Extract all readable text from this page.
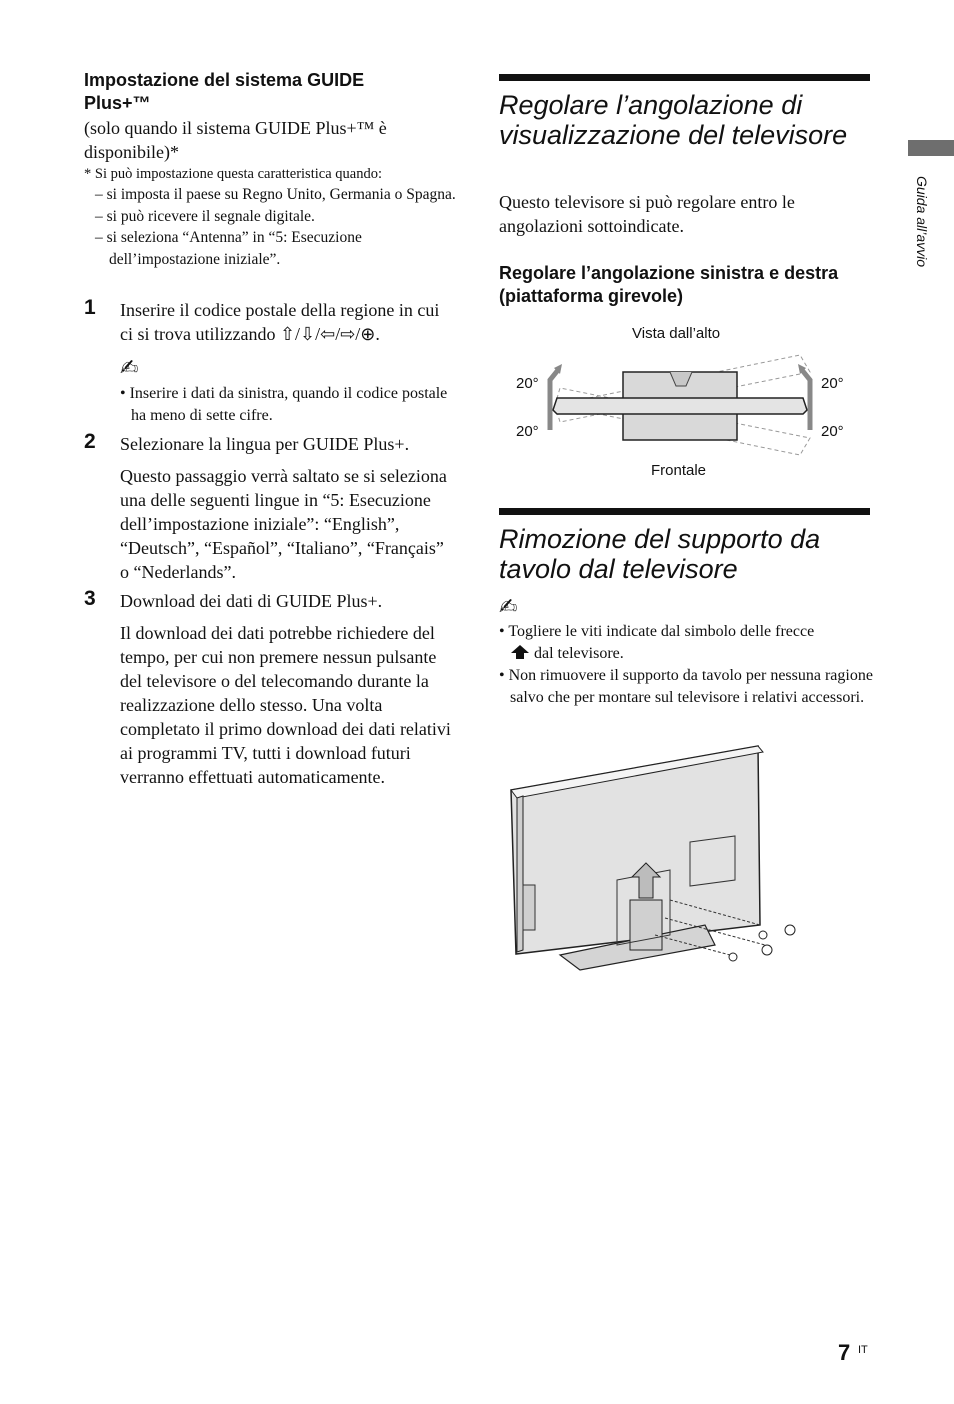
Impostazione del sistema GUIDE Plus+™
(solo quando il sistema GUIDE Plus+™ è disponibile)*
* Si può impostazione questa caratteristica quando:
– si imposta il paese su Regno Unito, Germania o Spagna.
– si può ricevere il segnale digitale.
– si seleziona “Antenna” in “5: Esecuzione dell’impostazione iniziale”.
1 Inserire il codice postale della regione in cui ci si trova utilizzando ⇧/⇩/⇦/⇨/⊕.
✍
• Inserire i dati da sinistra, quando il codice postale ha meno di sette cifre.
2 Selezionare la lingua per GUIDE Plus+.
Questo passaggio verrà saltato se si seleziona una delle seguenti lingue in “5: Esecuzione dell’impostazione iniziale”: “English”, “Deutsch”, “Español”, “Italiano”, “Français” o “Nederlands”.
3 Download dei dati di GUIDE Plus+.
Il download dei dati potrebbe richiedere del tempo, per cui non premere nessun pulsante del televisore o del telecomando durante la realizzazione dello stesso. Una volta completato il primo download dei dati relativi ai programmi TV, tutti i download futuri verranno effettuati automaticamente.
Regolare l’angolazione di visualizzazione del televisore
Questo televisore si può regolare entro le angolazioni sottoindicate.
Regolare l’angolazione sinistra e destra (piattaforma girevole)
Vista dall’alto
20°
20°
20°
20°
Frontale
Rimozione del supporto da tavolo dal televisore
✍
• Togliere le viti indicate dal simbolo delle frecce
dal televisore.
• Non rimuovere il supporto da tavolo per nessuna ragione salvo che per montare sul televisore i relativi accessori.
Guida all’avvio
7 IT
